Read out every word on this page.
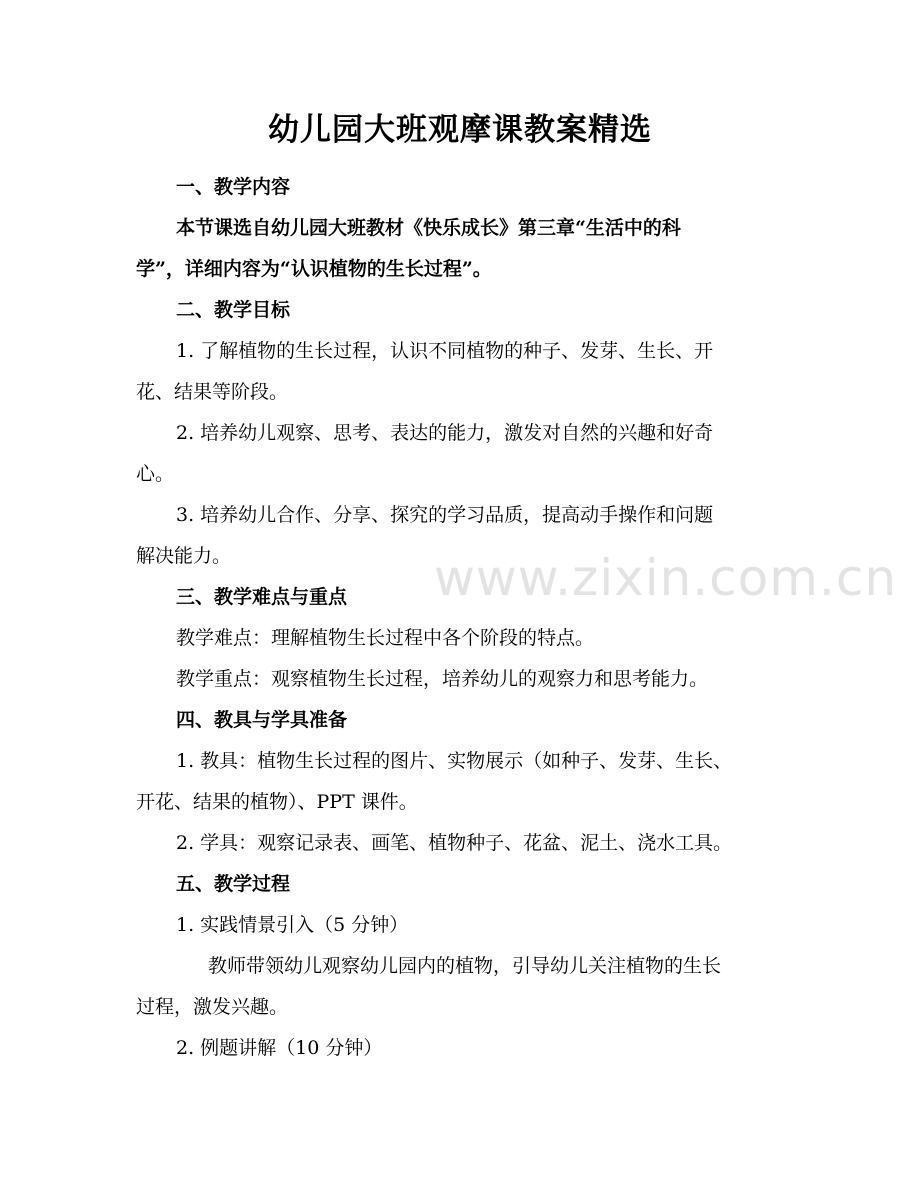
www.zixin.com.cn
幼儿园大班观摩课教案精选
一、教学内容
本节课选自幼儿园大班教材《快乐成长》第三章“生活中的科
学”，详细内容为“认识植物的生长过程”。
二、教学目标
1. 了解植物的生长过程，认识不同植物的种子、发芽、生长、开
花、结果等阶段。
2. 培养幼儿观察、思考、表达的能力，激发对自然的兴趣和好奇
心。
3. 培养幼儿合作、分享、探究的学习品质，提高动手操作和问题
解决能力。
三、教学难点与重点
教学难点：理解植物生长过程中各个阶段的特点。
教学重点：观察植物生长过程，培养幼儿的观察力和思考能力。
四、教具与学具准备
1. 教具：植物生长过程的图片、实物展示（如种子、发芽、生长、
开花、结果的植物）、PPT 课件。
2. 学具：观察记录表、画笔、植物种子、花盆、泥土、浇水工具。
五、教学过程
1. 实践情景引入（5 分钟）
教师带领幼儿观察幼儿园内的植物，引导幼儿关注植物的生长
过程，激发兴趣。
2. 例题讲解（10 分钟）
